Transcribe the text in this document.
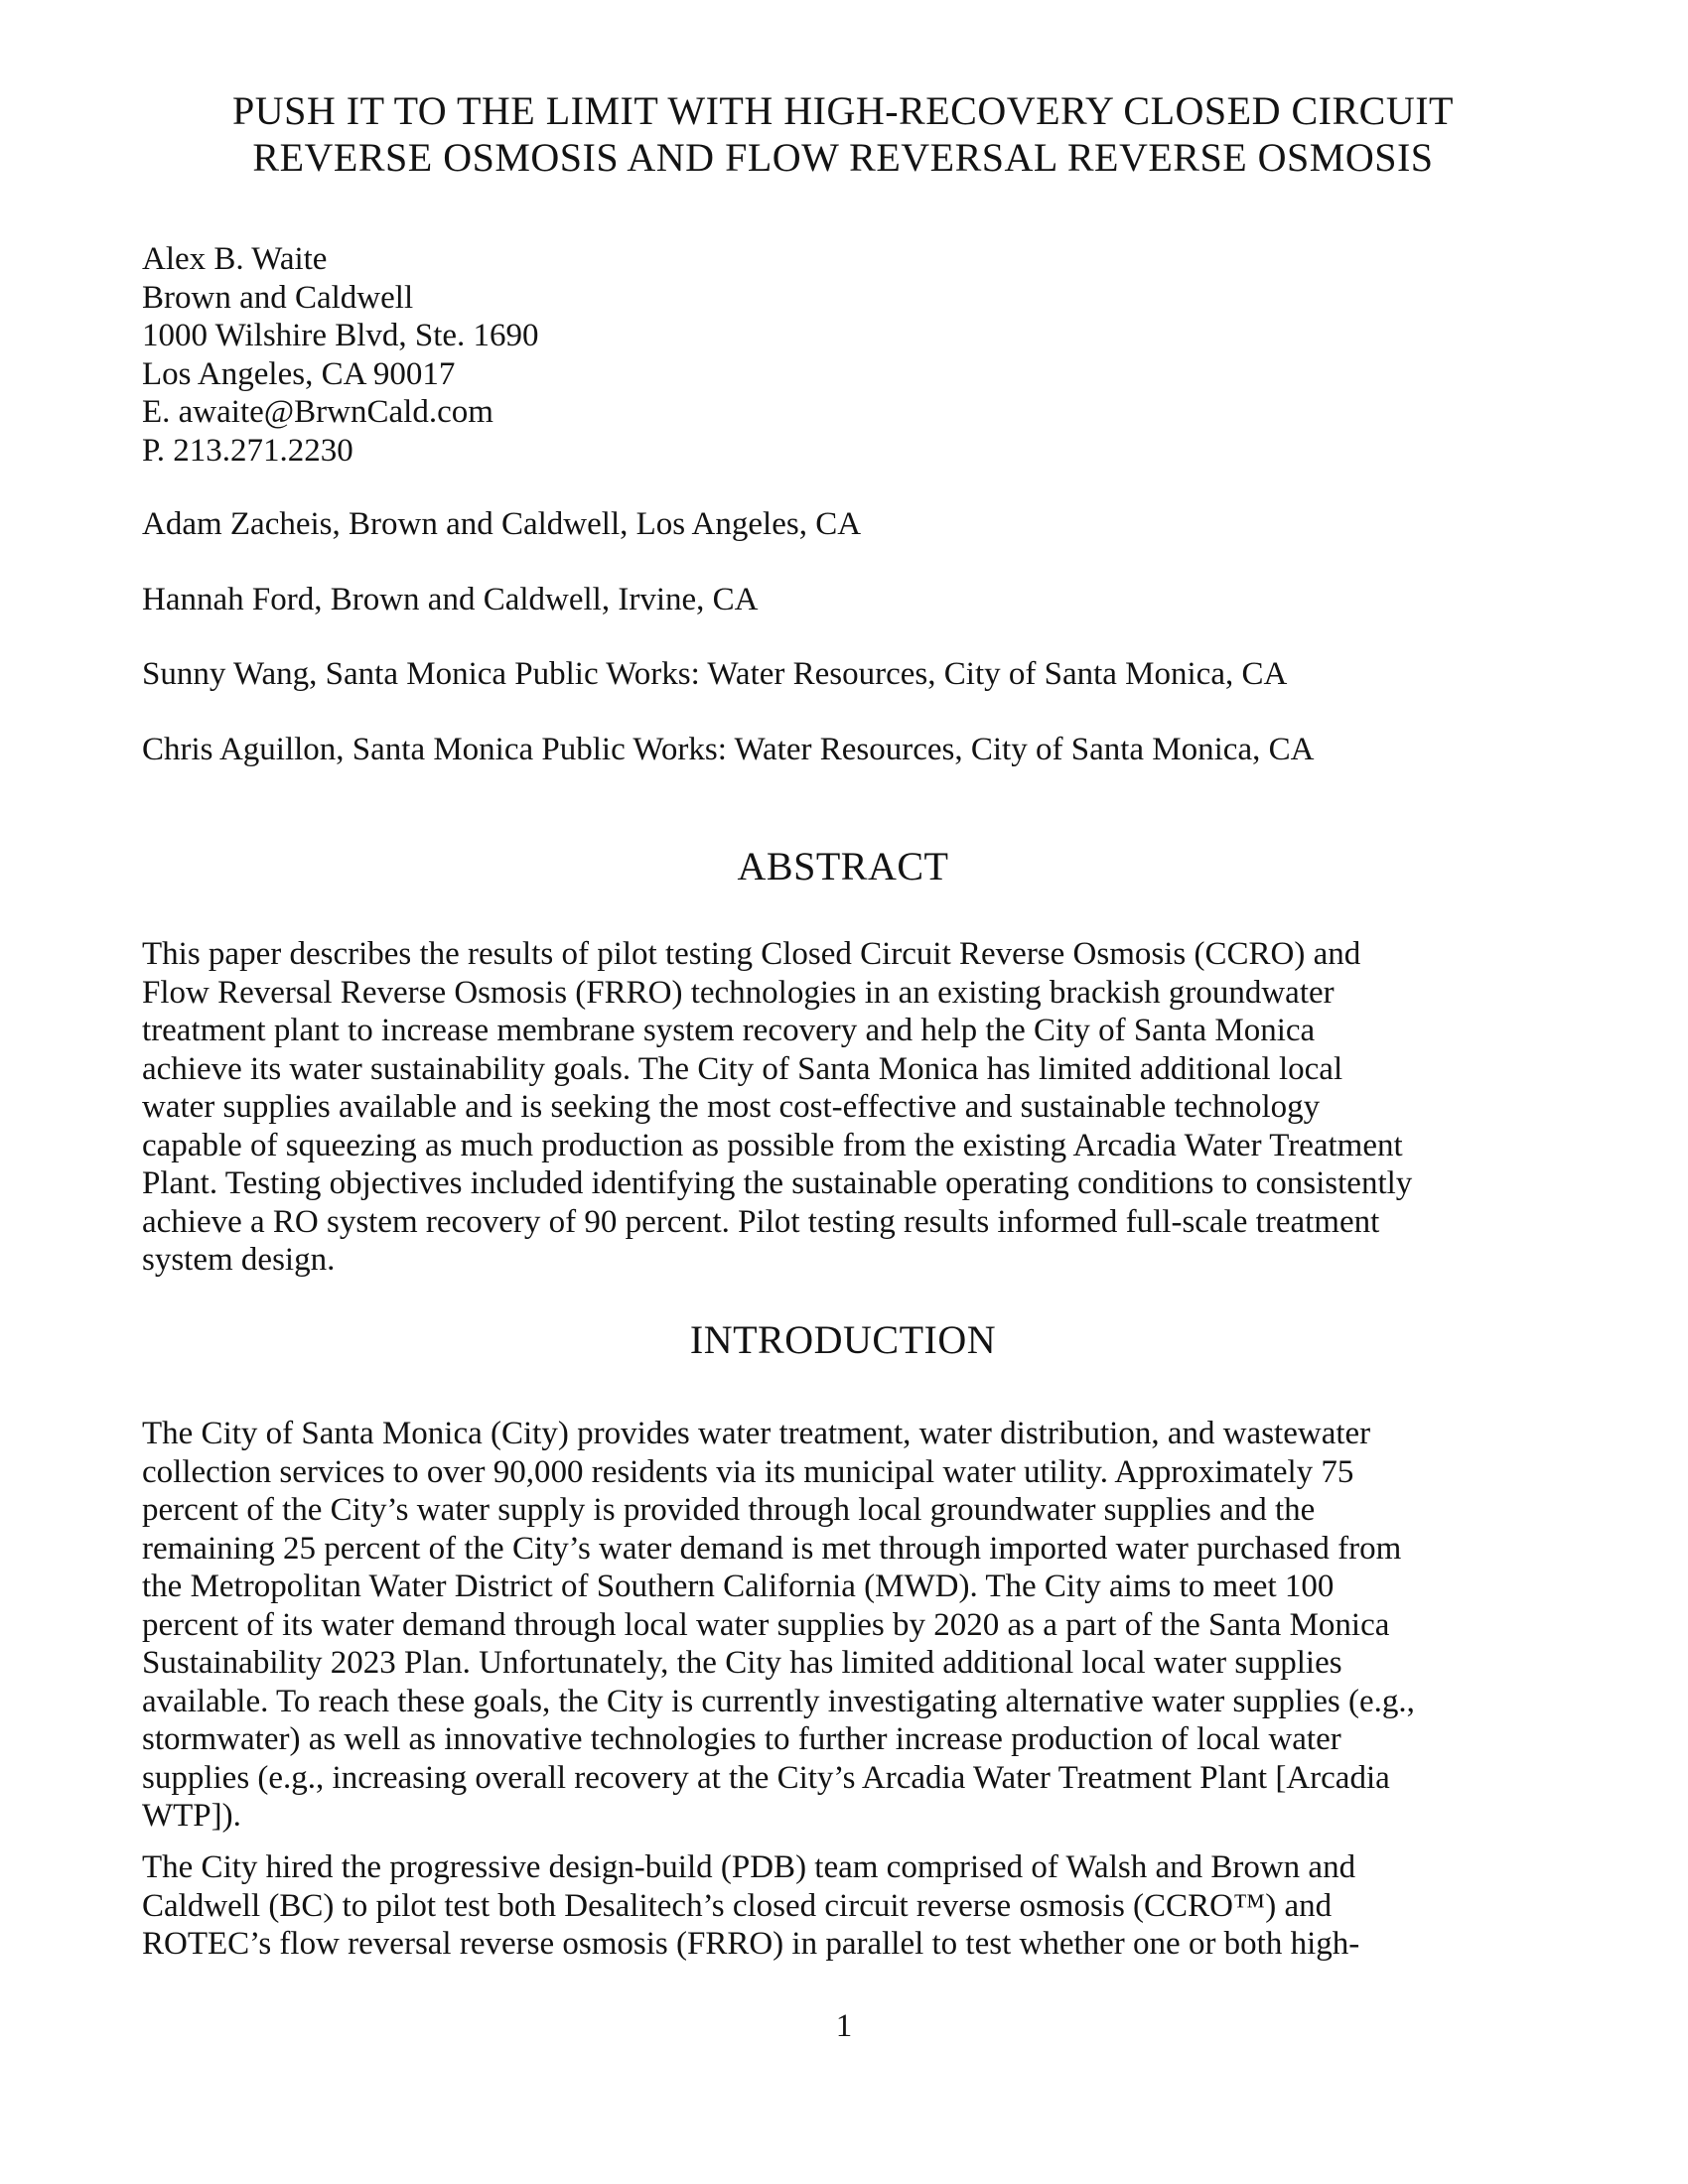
PUSH IT TO THE LIMIT WITH HIGH-RECOVERY CLOSED CIRCUIT
REVERSE OSMOSIS AND FLOW REVERSAL REVERSE OSMOSIS
Alex B. Waite
Brown and Caldwell
1000 Wilshire Blvd, Ste. 1690
Los Angeles, CA 90017
E. awaite@BrwnCald.com
P. 213.271.2230
Adam Zacheis, Brown and Caldwell, Los Angeles, CA
Hannah Ford, Brown and Caldwell, Irvine, CA
Sunny Wang, Santa Monica Public Works: Water Resources, City of Santa Monica, CA
Chris Aguillon, Santa Monica Public Works: Water Resources, City of Santa Monica, CA
ABSTRACT
This paper describes the results of pilot testing Closed Circuit Reverse Osmosis (CCRO) and
Flow Reversal Reverse Osmosis (FRRO) technologies in an existing brackish groundwater
treatment plant to increase membrane system recovery and help the City of Santa Monica
achieve its water sustainability goals. The City of Santa Monica has limited additional local
water supplies available and is seeking the most cost-effective and sustainable technology
capable of squeezing as much production as possible from the existing Arcadia Water Treatment
Plant. Testing objectives included identifying the sustainable operating conditions to consistently
achieve a RO system recovery of 90 percent. Pilot testing results informed full-scale treatment
system design.
INTRODUCTION
The City of Santa Monica (City) provides water treatment, water distribution, and wastewater
collection services to over 90,000 residents via its municipal water utility. Approximately 75
percent of the City’s water supply is provided through local groundwater supplies and the
remaining 25 percent of the City’s water demand is met through imported water purchased from
the Metropolitan Water District of Southern California (MWD). The City aims to meet 100
percent of its water demand through local water supplies by 2020 as a part of the Santa Monica
Sustainability 2023 Plan. Unfortunately, the City has limited additional local water supplies
available. To reach these goals, the City is currently investigating alternative water supplies (e.g.,
stormwater) as well as innovative technologies to further increase production of local water
supplies (e.g., increasing overall recovery at the City’s Arcadia Water Treatment Plant [Arcadia
WTP]).
The City hired the progressive design-build (PDB) team comprised of Walsh and Brown and
Caldwell (BC) to pilot test both Desalitech’s closed circuit reverse osmosis (CCRO™) and
ROTEC’s flow reversal reverse osmosis (FRRO) in parallel to test whether one or both high-
1
